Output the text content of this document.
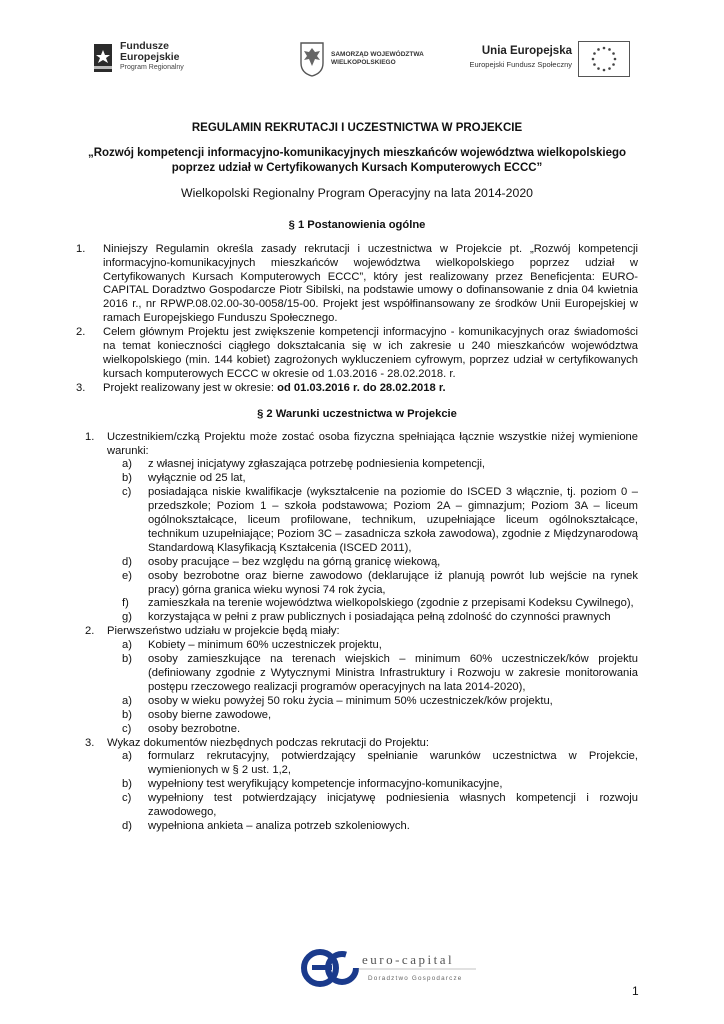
Fundusze
Europejskie
Program Regionalny
SAMORZĄD WOJEWÓDZTWA
WIELKOPOLSKIEGO
Unia Europejska
Europejski Fundusz Społeczny

REGULAMIN REKRUTACJI I UCZESTNICTWA W PROJEKCIE

„Rozwój kompetencji informacyjno-komunikacyjnych mieszkańców województwa wielkopolskiego
poprzez udział w Certyfikowanych Kursach Komputerowych ECCC”

Wielkopolski Regionalny Program Operacyjny na lata 2014-2020

§ 1 Postanowienia ogólne

1.	Niniejszy Regulamin określa zasady rekrutacji i uczestnictwa w Projekcie pt. „Rozwój kompetencji informacyjno-komunikacyjnych mieszkańców województwa wielkopolskiego poprzez udział w Certyfikowanych Kursach Komputerowych ECCC”, który jest realizowany przez Beneficjenta: EURO-CAPITAL Doradztwo Gospodarcze Piotr Sibilski, na podstawie umowy o dofinansowanie z dnia 04 kwietnia 2016 r., nr RPWP.08.02.00-30-0058/15-00. Projekt jest współfinansowany ze środków Unii Europejskiej w ramach Europejskiego Funduszu Społecznego.
2.	Celem głównym Projektu jest zwiększenie kompetencji informacyjno - komunikacyjnych oraz świadomości na temat konieczności ciągłego dokształcania się w ich zakresie u 240 mieszkańców województwa wielkopolskiego (min. 144 kobiet) zagrożonych wykluczeniem cyfrowym, poprzez udział w certyfikowanych kursach komputerowych ECCC w okresie od 1.03.2016 - 28.02.2018. r.
3.	Projekt realizowany jest w okresie: od 01.03.2016 r. do 28.02.2018 r.

§ 2 Warunki uczestnictwa w Projekcie

1.	Uczestnikiem/czką Projektu może zostać osoba fizyczna spełniająca łącznie wszystkie niżej wymienione warunki:
a)	z własnej inicjatywy zgłaszająca potrzebę podniesienia kompetencji,
b)	wyłącznie od 25 lat,
c)	posiadająca niskie kwalifikacje (wykształcenie na poziomie do ISCED 3 włącznie, tj. poziom 0 – przedszkole; Poziom 1 – szkoła podstawowa; Poziom 2A – gimnazjum; Poziom 3A – liceum ogólnokształcące, liceum profilowane, technikum, uzupełniające liceum ogólnokształcące, technikum uzupełniające; Poziom 3C – zasadnicza szkoła zawodowa), zgodnie z Międzynarodową Standardową Klasyfikacją Kształcenia (ISCED 2011),
d)	osoby pracujące – bez względu na górną granicę wiekową,
e)	osoby bezrobotne oraz bierne zawodowo (deklarujące iż planują powrót lub wejście na rynek pracy) górna granica wieku wynosi 74 rok życia,
f)	zamieszkała na terenie województwa wielkopolskiego (zgodnie z przepisami Kodeksu Cywilnego),
g)	korzystająca w pełni z praw publicznych i posiadająca pełną zdolność do czynności prawnych
2.	Pierwszeństwo udziału w projekcie będą miały:
a)	Kobiety – minimum 60% uczestniczek projektu,
b)	osoby zamieszkujące na terenach wiejskich – minimum 60% uczestniczek/ków projektu (definiowany zgodnie z Wytycznymi Ministra Infrastruktury i Rozwoju w zakresie monitorowania postępu rzeczowego realizacji programów operacyjnych na lata 2014-2020),
a)	osoby w wieku powyżej 50 roku życia – minimum 50% uczestniczek/ków projektu,
b)	osoby bierne zawodowe,
c)	osoby bezrobotne.
3.	Wykaz dokumentów niezbędnych podczas rekrutacji do Projektu:
a)	formularz rekrutacyjny, potwierdzający spełnianie warunków uczestnictwa w Projekcie, wymienionych w § 2 ust. 1,2,
b)	wypełniony test weryfikujący kompetencje informacyjno-komunikacyjne,
c)	wypełniony test potwierdzający inicjatywę podniesienia własnych kompetencji i rozwoju zawodowego,
d)	wypełniona ankieta – analiza potrzeb szkoleniowych.
euro-capital
Doradztwo Gospodarcze
1
